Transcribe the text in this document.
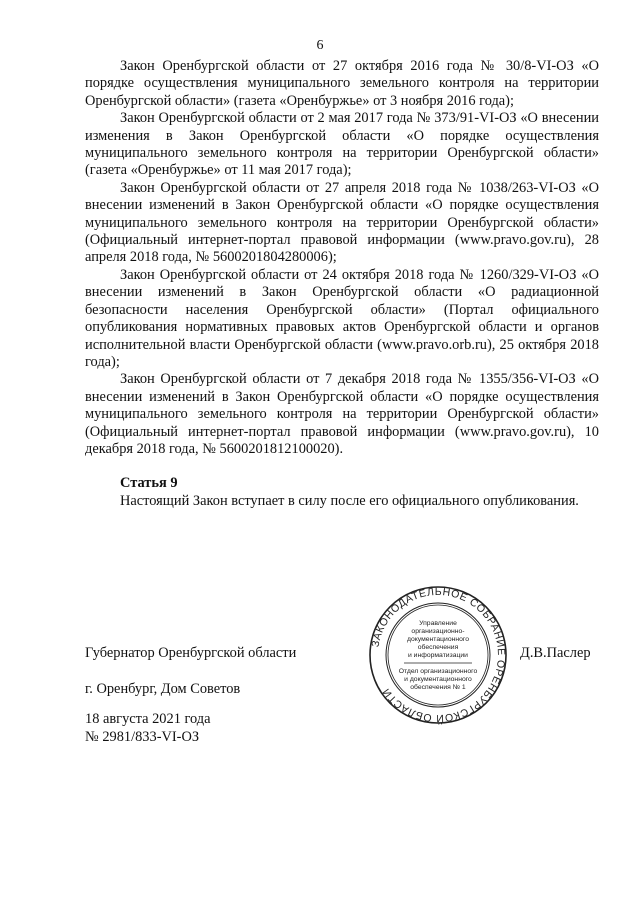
6

Закон Оренбургской области от 27 октября 2016 года № 30/8-VI-ОЗ «О порядке осуществления муниципального земельного контроля на территории Оренбургской области» (газета «Оренбуржье» от 3 ноября 2016 года);

Закон Оренбургской области от 2 мая 2017 года № 373/91-VI-ОЗ «О внесении изменения в Закон Оренбургской области «О порядке осуществления муниципального земельного контроля на территории Оренбургской области» (газета «Оренбуржье» от 11 мая 2017 года);

Закон Оренбургской области от 27 апреля 2018 года № 1038/263-VI-ОЗ «О внесении изменений в Закон Оренбургской области «О порядке осуществления муниципального земельного контроля на территории Оренбургской области» (Официальный интернет-портал правовой информации (www.pravo.gov.ru), 28 апреля 2018 года, № 5600201804280006);

Закон Оренбургской области от 24 октября 2018 года № 1260/329-VI-ОЗ «О внесении изменений в Закон Оренбургской области «О радиационной безопасности населения Оренбургской области» (Портал официального опубликования нормативных правовых актов Оренбургской области и органов исполнительной власти Оренбургской области (www.pravo.orb.ru), 25 октября 2018 года);

Закон Оренбургской области от 7 декабря 2018 года № 1355/356-VI-ОЗ «О внесении изменений в Закон Оренбургской области «О порядке осуществления муниципального земельного контроля на территории Оренбургской области» (Официальный интернет-портал правовой информации (www.pravo.gov.ru), 10 декабря 2018 года, № 5600201812100020).

Статья 9

Настоящий Закон вступает в силу после его официального опубликования.

Губернатор Оренбургской области	Д.В.Паслер
г. Оренбург, Дом Советов
18 августа 2021 года
№ 2981/833-VI-ОЗ
ЗАКОНОДАТЕЛЬНОЕ СОБРАНИЕ ОРЕНБУРГСКОЙ ОБЛАСТИ
Управление
организационно-
документационного
обеспечения
и информатизации
Отдел организационного
и документационного
обеспечения № 1
